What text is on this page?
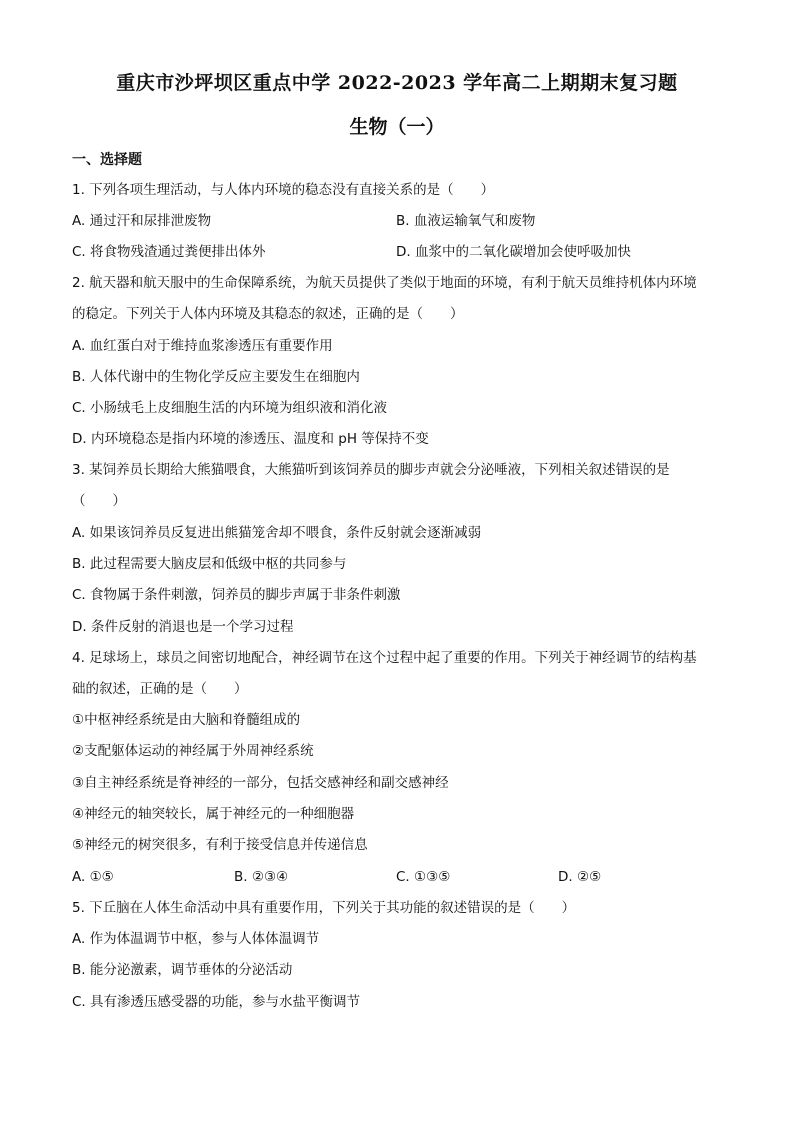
重庆市沙坪坝区重点中学 2022-2023 学年高二上期期末复习题
生物（一）
一、选择题
1. 下列各项生理活动，与人体内环境的稳态没有直接关系的是（　　）
A. 通过汗和尿排泄废物	B. 血液运输氧气和废物
C. 将食物残渣通过粪便排出体外	D. 血浆中的二氧化碳增加会使呼吸加快
2. 航天器和航天服中的生命保障系统，为航天员提供了类似于地面的环境，有利于航天员维持机体内环境
的稳定。下列关于人体内环境及其稳态的叙述，正确的是（　　）
A. 血红蛋白对于维持血浆渗透压有重要作用
B. 人体代谢中的生物化学反应主要发生在细胞内
C. 小肠绒毛上皮细胞生活的内环境为组织液和消化液
D. 内环境稳态是指内环境的渗透压、温度和 pH 等保持不变
3. 某饲养员长期给大熊猫喂食，大熊猫听到该饲养员的脚步声就会分泌唾液，下列相关叙述错误的是
（　　）
A. 如果该饲养员反复进出熊猫笼舍却不喂食，条件反射就会逐渐减弱
B. 此过程需要大脑皮层和低级中枢的共同参与
C. 食物属于条件刺激，饲养员的脚步声属于非条件刺激
D. 条件反射的消退也是一个学习过程
4. 足球场上，球员之间密切地配合，神经调节在这个过程中起了重要的作用。下列关于神经调节的结构基
础的叙述，正确的是（　　）
①中枢神经系统是由大脑和脊髓组成的
②支配躯体运动的神经属于外周神经系统
③自主神经系统是脊神经的一部分，包括交感神经和副交感神经
④神经元的轴突较长，属于神经元的一种细胞器
⑤神经元的树突很多，有利于接受信息并传递信息
A. ①⑤	B. ②③④	C. ①③⑤	D. ②⑤
5. 下丘脑在人体生命活动中具有重要作用，下列关于其功能的叙述错误的是（　　）
A. 作为体温调节中枢，参与人体体温调节
B. 能分泌激素，调节垂体的分泌活动
C. 具有渗透压感受器的功能，参与水盐平衡调节
